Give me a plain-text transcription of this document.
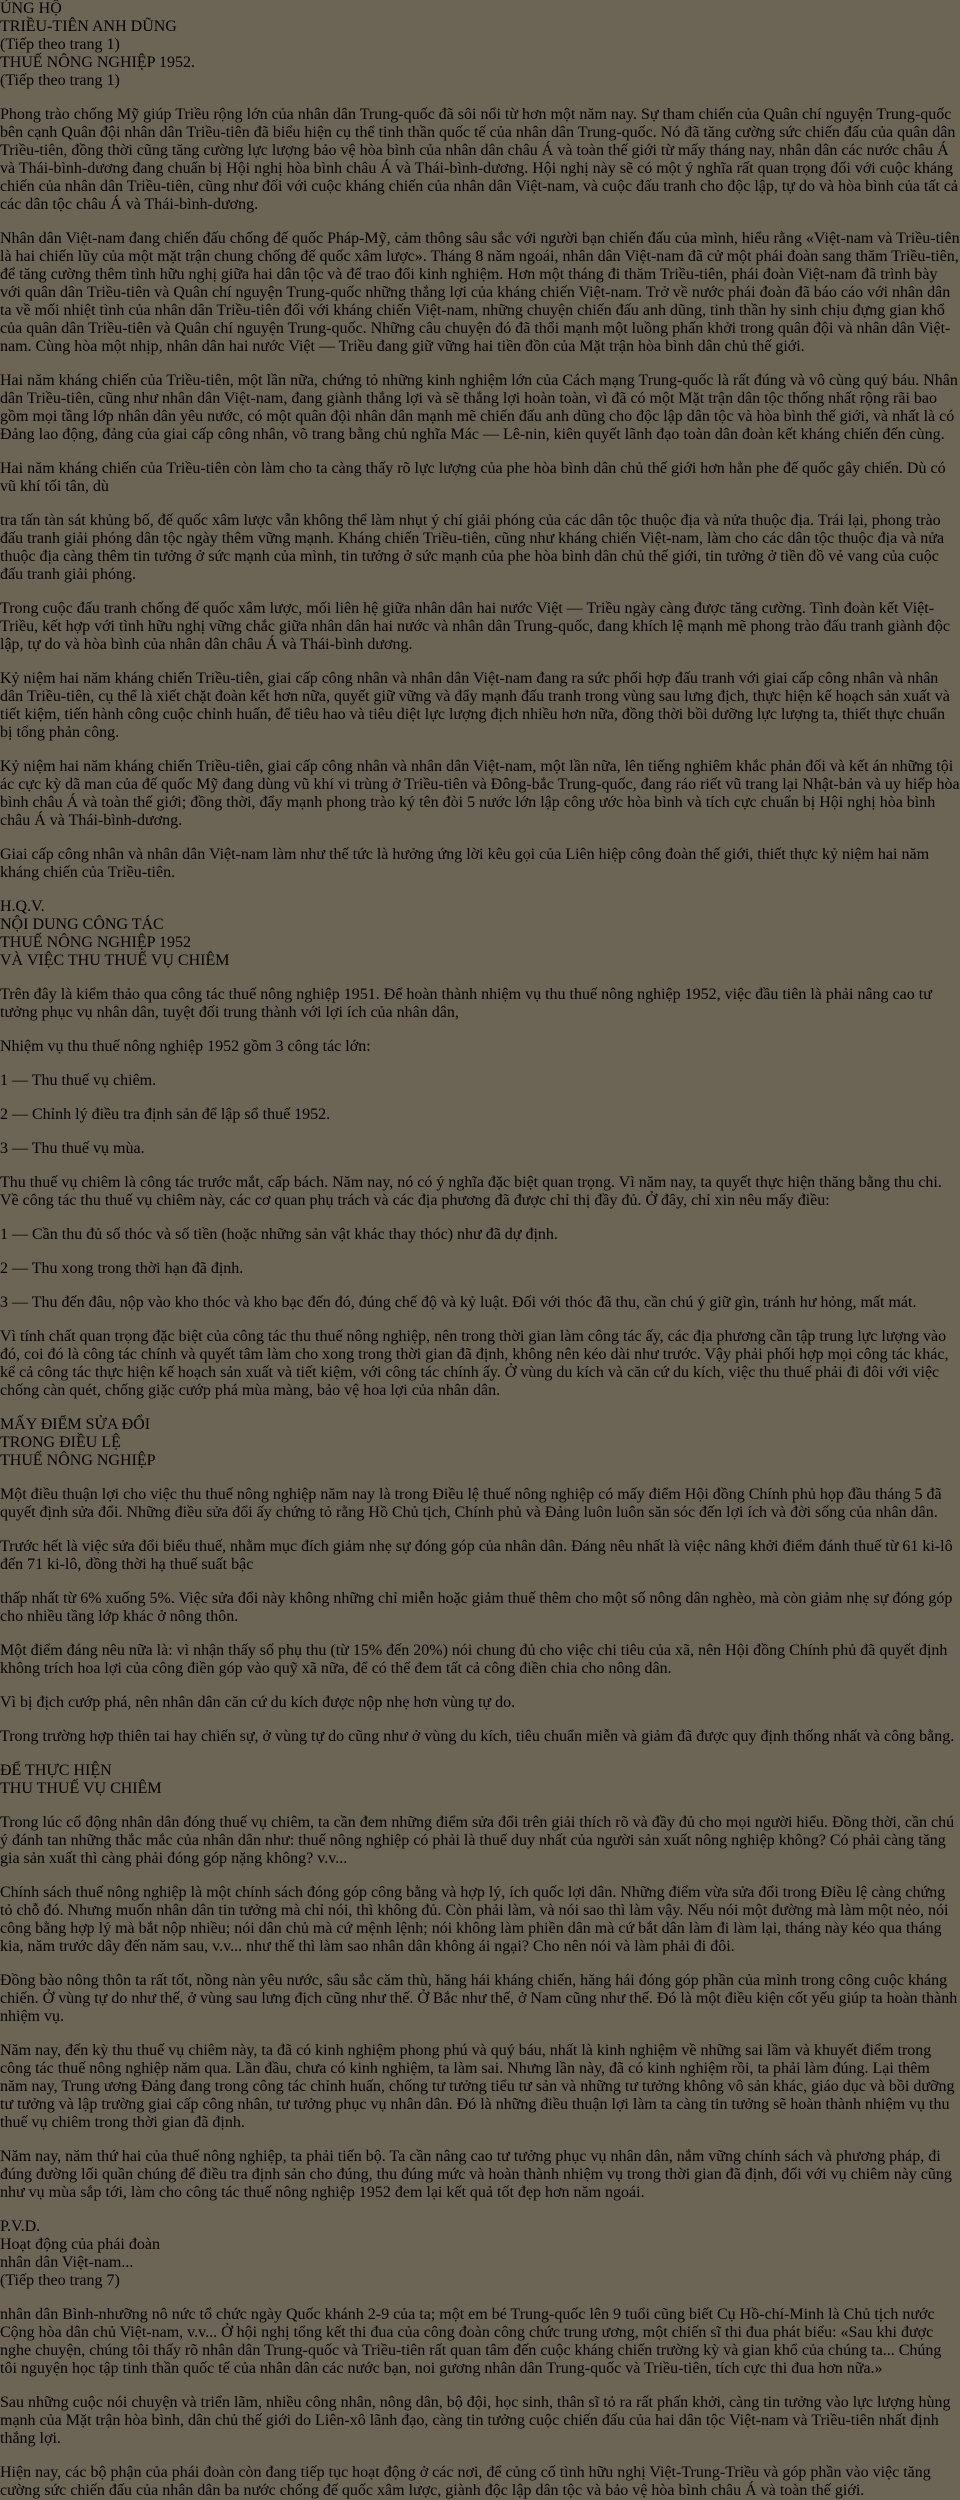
ỦNG HỘ
TRIỀU-TIÊN ANH DŨNG
(Tiếp theo trang 1)
THUẾ NÔNG NGHIỆP 1952.
(Tiếp theo trang 1)

Phong trào chống Mỹ giúp Triều rộng lớn của nhân dân Trung-quốc đã sôi nổi từ hơn một năm nay. Sự tham chiến của Quân chí nguyện Trung-quốc bên cạnh Quân đội nhân dân Triều-tiên đã biểu hiện cụ thể tinh thần quốc tế của nhân dân Trung-quốc. Nó đã tăng cường sức chiến đấu của quân dân Triều-tiên, đồng thời cũng tăng cường lực lượng bảo vệ hòa bình của nhân dân châu Á và toàn thế giới từ mấy tháng nay, nhân dân các nước châu Á và Thái-bình-dương đang chuẩn bị Hội nghị hòa bình châu Á và Thái-bình-dương. Hội nghị này sẽ có một ý nghĩa rất quan trọng đối với cuộc kháng chiến của nhân dân Triều-tiên, cũng như đối với cuộc kháng chiến của nhân dân Việt-nam, và cuộc đấu tranh cho độc lập, tự do và hòa bình của tất cả các dân tộc châu Á và Thái-bình-dương.

Nhân dân Việt-nam đang chiến đấu chống đế quốc Pháp-Mỹ, cảm thông sâu sắc với người bạn chiến đấu của mình, hiểu rằng «Việt-nam và Triều-tiên là hai chiến lũy của một mặt trận chung chống đế quốc xâm lược». Tháng 8 năm ngoái, nhân dân Việt-nam đã cử một phái đoàn sang thăm Triều-tiên, để tăng cường thêm tình hữu nghị giữa hai dân tộc và để trao đổi kinh nghiệm. Hơn một tháng đi thăm Triều-tiên, phái đoàn Việt-nam đã trình bày với quân dân Triều-tiên và Quân chí nguyện Trung-quốc những thắng lợi của kháng chiến Việt-nam. Trở về nước phái đoàn đã báo cáo với nhân dân ta về mối nhiệt tình của nhân dân Triều-tiên đối với kháng chiến Việt-nam, những chuyện chiến đấu anh dũng, tinh thần hy sinh chịu đựng gian khổ của quân dân Triều-tiên và Quân chí nguyện Trung-quốc. Những câu chuyện đó đã thổi mạnh một luồng phấn khởi trong quân đội và nhân dân Việt-nam. Cùng hòa một nhịp, nhân dân hai nước Việt — Triều đang giữ vững hai tiền đồn của Mặt trận hòa bình dân chủ thế giới.

Hai năm kháng chiến của Triều-tiên, một lần nữa, chứng tỏ những kinh nghiệm lớn của Cách mạng Trung-quốc là rất đúng và vô cùng quý báu. Nhân dân Triều-tiên, cũng như nhân dân Việt-nam, đang giành thắng lợi và sẽ thắng lợi hoàn toàn, vì đã có một Mặt trận dân tộc thống nhất rộng rãi bao gồm mọi tầng lớp nhân dân yêu nước, có một quân đội nhân dân mạnh mẽ chiến đấu anh dũng cho độc lập dân tộc và hòa bình thế giới, và nhất là có Đảng lao động, đảng của giai cấp công nhân, võ trang bằng chủ nghĩa Mác — Lê-nin, kiên quyết lãnh đạo toàn dân đoàn kết kháng chiến đến cùng.

Hai năm kháng chiến của Triều-tiên còn làm cho ta càng thấy rõ lực lượng của phe hòa bình dân chủ thế giới hơn hẳn phe đế quốc gây chiến. Dù có vũ khí tối tân, dù

tra tấn tàn sát khủng bố, đế quốc xâm lược vẫn không thể làm nhụt ý chí giải phóng của các dân tộc thuộc địa và nửa thuộc địa. Trái lại, phong trào đấu tranh giải phóng dân tộc ngày thêm vững mạnh. Kháng chiến Triều-tiên, cũng như kháng chiến Việt-nam, làm cho các dân tộc thuộc địa và nửa thuộc địa càng thêm tin tưởng ở sức mạnh của mình, tin tưởng ở sức mạnh của phe hòa bình dân chủ thế giới, tin tưởng ở tiền đồ vẻ vang của cuộc đấu tranh giải phóng.

Trong cuộc đấu tranh chống đế quốc xâm lược, mối liên hệ giữa nhân dân hai nước Việt — Triều ngày càng được tăng cường. Tình đoàn kết Việt-Triều, kết hợp với tình hữu nghị vững chắc giữa nhân dân hai nước và nhân dân Trung-quốc, đang khích lệ mạnh mẽ phong trào đấu tranh giành độc lập, tự do và hòa bình của nhân dân châu Á và Thái-bình dương.

Kỷ niệm hai năm kháng chiến Triều-tiên, giai cấp công nhân và nhân dân Việt-nam đang ra sức phối hợp đấu tranh với giai cấp công nhân và nhân dân Triều-tiên, cụ thể là xiết chặt đoàn kết hơn nữa, quyết giữ vững và đẩy mạnh đấu tranh trong vùng sau lưng địch, thực hiện kế hoạch sản xuất và tiết kiệm, tiến hành công cuộc chỉnh huấn, để tiêu hao và tiêu diệt lực lượng địch nhiều hơn nữa, đồng thời bồi dưỡng lực lượng ta, thiết thực chuẩn bị tổng phản công.

Kỷ niệm hai năm kháng chiến Triều-tiên, giai cấp công nhân và nhân dân Việt-nam, một lần nữa, lên tiếng nghiêm khắc phản đối và kết án những tội ác cực kỳ dã man của đế quốc Mỹ đang dùng vũ khí vi trùng ở Triều-tiên và Đông-bắc Trung-quốc, đang ráo riết vũ trang lại Nhật-bản và uy hiếp hòa bình châu Á và toàn thế giới; đồng thời, đẩy mạnh phong trào ký tên đòi 5 nước lớn lập công ước hòa bình và tích cực chuẩn bị Hội nghị hòa bình châu Á và Thái-bình-dương.

Giai cấp công nhân và nhân dân Việt-nam làm như thế tức là hưởng ứng lời kêu gọi của Liên hiệp công đoàn thế giới, thiết thực kỷ niệm hai năm kháng chiến của Triều-tiên.

H.Q.V.
NỘI DUNG CÔNG TÁC
THUẾ NÔNG NGHIỆP 1952
VÀ VIỆC THU THUẾ VỤ CHIÊM

Trên đây là kiểm thảo qua công tác thuế nông nghiệp 1951. Để hoàn thành nhiệm vụ thu thuế nông nghiệp 1952, việc đầu tiên là phải nâng cao tư tưởng phục vụ nhân dân, tuyệt đối trung thành với lợi ích của nhân dân,

Nhiệm vụ thu thuế nông nghiệp 1952 gồm 3 công tác lớn:

1 — Thu thuế vụ chiêm.

2 — Chỉnh lý điều tra định sản để lập sổ thuế 1952.

3 — Thu thuế vụ mùa.

Thu thuế vụ chiêm là công tác trước mắt, cấp bách. Năm nay, nó có ý nghĩa đặc biệt quan trọng. Vì năm nay, ta quyết thực hiện thăng bằng thu chi. Về công tác thu thuế vụ chiêm này, các cơ quan phụ trách và các địa phương đã được chỉ thị đầy đủ. Ở đây, chỉ xin nêu mấy điều:

1 — Cần thu đủ số thóc và số tiền (hoặc những sản vật khác thay thóc) như đã dự định.

2 — Thu xong trong thời hạn đã định.

3 — Thu đến đâu, nộp vào kho thóc và kho bạc đến đó, đúng chế độ và kỷ luật. Đối với thóc đã thu, cần chú ý giữ gìn, tránh hư hỏng, mất mát.

Vì tính chất quan trọng đặc biệt của công tác thu thuế nông nghiệp, nên trong thời gian làm công tác ấy, các địa phương cần tập trung lực lượng vào đó, coi đó là công tác chính và quyết tâm làm cho xong trong thời gian đã định, không nên kéo dài như trước. Vậy phải phối hợp mọi công tác khác, kể cả công tác thực hiện kế hoạch sản xuất và tiết kiệm, với công tác chính ấy. Ở vùng du kích và căn cứ du kích, việc thu thuế phải đi đôi với việc chống càn quét, chống giặc cướp phá mùa màng, bảo vệ hoa lợi của nhân dân.

MẤY ĐIỂM SỬA ĐỔI
TRONG ĐIỀU LỆ
THUẾ NÔNG NGHIỆP

Một điều thuận lợi cho việc thu thuế nông nghiệp năm nay là trong Điều lệ thuế nông nghiệp có mấy điểm Hội đồng Chính phủ họp đầu tháng 5 đã quyết định sửa đổi. Những điều sửa đổi ấy chứng tỏ rằng Hồ Chủ tịch, Chính phủ và Đảng luôn luôn săn sóc đến lợi ích và đời sống của nhân dân.

Trước hết là việc sửa đổi biểu thuế, nhằm mục đích giảm nhẹ sự đóng góp của nhân dân. Đáng nêu nhất là việc nâng khởi điểm đánh thuế từ 61 ki-lô đến 71 ki-lô, đồng thời hạ thuế suất bậc

thấp nhất từ 6% xuống 5%. Việc sửa đổi này không những chỉ miễn hoặc giảm thuế thêm cho một số nông dân nghèo, mà còn giảm nhẹ sự đóng góp cho nhiều tầng lớp khác ở nông thôn.

Một điểm đáng nêu nữa là: vì nhận thấy số phụ thu (từ 15% đến 20%) nói chung đủ cho việc chi tiêu của xã, nên Hội đồng Chính phủ đã quyết định không trích hoa lợi của công điền góp vào quỹ xã nữa, để có thể đem tất cả công điền chia cho nông dân.

Vì bị địch cướp phá, nên nhân dân căn cứ du kích được nộp nhẹ hơn vùng tự do.

Trong trường hợp thiên tai hay chiến sự, ở vùng tự do cũng như ở vùng du kích, tiêu chuẩn miễn và giảm đã được quy định thống nhất và công bằng.

ĐỂ THỰC HIỆN
THU THUẾ VỤ CHIÊM

Trong lúc cổ động nhân dân đóng thuế vụ chiêm, ta cần đem những điểm sửa đổi trên giải thích rõ và đầy đủ cho mọi người hiểu. Đồng thời, cần chú ý đánh tan những thắc mắc của nhân dân như: thuế nông nghiệp có phải là thuế duy nhất của người sản xuất nông nghiệp không? Có phải càng tăng gia sản xuất thì càng phải đóng góp nặng không? v.v...

Chính sách thuế nông nghiệp là một chính sách đóng góp công bằng và hợp lý, ích quốc lợi dân. Những điểm vừa sửa đổi trong Điều lệ càng chứng tỏ chỗ đó. Nhưng muốn nhân dân tin tưởng mà chỉ nói, thì không đủ. Còn phải làm, và nói sao thì làm vậy. Nếu nói một đường mà làm một nẻo, nói công bằng hợp lý mà bắt nộp nhiều; nói dân chủ mà cứ mệnh lệnh; nói không làm phiền dân mà cứ bắt dân làm đi làm lại, tháng này kéo qua tháng kia, năm trước dây đến năm sau, v.v... như thế thì làm sao nhân dân không ái ngại? Cho nên nói và làm phải đi đôi.

Đồng bào nông thôn ta rất tốt, nồng nàn yêu nước, sâu sắc căm thù, hăng hái kháng chiến, hăng hái đóng góp phần của mình trong công cuộc kháng chiến. Ở vùng tự do như thế, ở vùng sau lưng địch cũng như thế. Ở Bắc như thế, ở Nam cũng như thế. Đó là một điều kiện cốt yếu giúp ta hoàn thành nhiệm vụ.

Năm nay, đến kỳ thu thuế vụ chiêm này, ta đã có kinh nghiệm phong phú và quý báu, nhất là kinh nghiệm về những sai lầm và khuyết điểm trong công tác thuế nông nghiệp năm qua. Lần đầu, chưa có kinh nghiệm, ta làm sai. Nhưng lần này, đã có kinh nghiệm rồi, ta phải làm đúng. Lại thêm năm nay, Trung ương Đảng đang trong công tác chỉnh huấn, chống tư tưởng tiểu tư sản và những tư tưởng không vô sản khác, giáo dục và bồi dưỡng tư tưởng và lập trường giai cấp công nhân, tư tưởng phục vụ nhân dân. Đó là những điều thuận lợi làm ta càng tin tưởng sẽ hoàn thành nhiệm vụ thu thuế vụ chiêm trong thời gian đã định.

Năm nay, năm thứ hai của thuế nông nghiệp, ta phải tiến bộ. Ta cần nâng cao tư tưởng phục vụ nhân dân, nắm vững chính sách và phương pháp, đi đúng đường lối quần chúng để điều tra định sản cho đúng, thu đúng mức và hoàn thành nhiệm vụ trong thời gian đã định, đối với vụ chiêm này cũng như vụ mùa sắp tới, làm cho công tác thuế nông nghiệp 1952 đem lại kết quả tốt đẹp hơn năm ngoái.

P.V.D.
Hoạt động của phái đoàn
nhân dân Việt-nam...
(Tiếp theo trang 7)

nhân dân Bình-nhưỡng nô nức tổ chức ngày Quốc khánh 2-9 của ta; một em bé Trung-quốc lên 9 tuổi cũng biết Cụ Hồ-chí-Minh là Chủ tịch nước Cộng hòa dân chủ Việt-nam, v.v... Ở hội nghị tổng kết thi đua của công đoàn công chức trung ương, một chiến sĩ thi đua phát biểu: «Sau khi được nghe chuyện, chúng tôi thấy rõ nhân dân Trung-quốc và Triều-tiên rất quan tâm đến cuộc kháng chiến trường kỳ và gian khổ của chúng ta... Chúng tôi nguyện học tập tinh thần quốc tế của nhân dân các nước bạn, noi gương nhân dân Trung-quốc và Triều-tiên, tích cực thi đua hơn nữa.»

Sau những cuộc nói chuyện và triển lãm, nhiều công nhân, nông dân, bộ đội, học sinh, thân sĩ tỏ ra rất phấn khởi, càng tin tưởng vào lực lượng hùng mạnh của Mặt trận hòa bình, dân chủ thế giới do Liên-xô lãnh đạo, càng tin tưởng cuộc chiến đấu của hai dân tộc Việt-nam và Triều-tiên nhất định thắng lợi.

Hiện nay, các bộ phận của phái đoàn còn đang tiếp tục hoạt động ở các nơi, để củng cố tình hữu nghị Việt-Trung-Triều và góp phần vào việc tăng cường sức chiến đấu của nhân dân ba nước chống đế quốc xâm lược, giành độc lập dân tộc và bảo vệ hòa bình châu Á và toàn thế giới.
